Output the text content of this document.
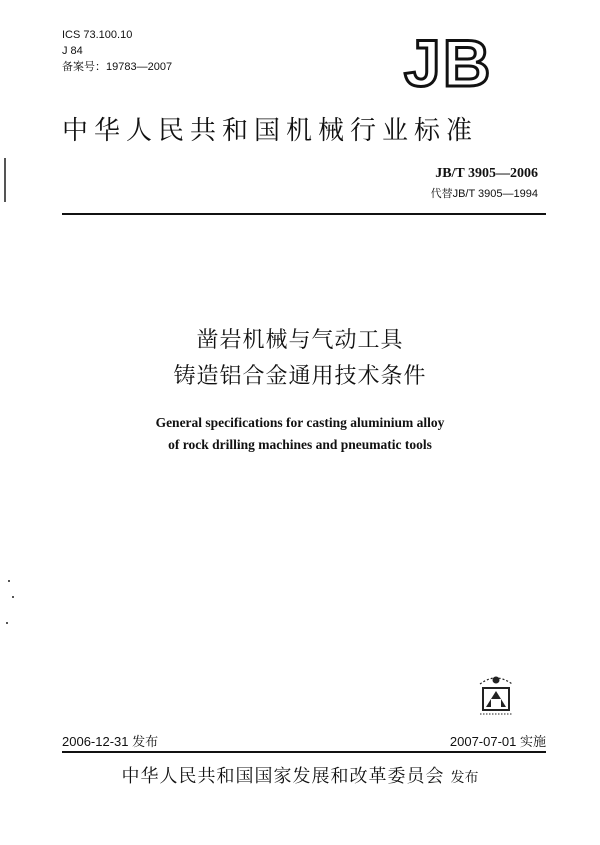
ICS 73.100.10
J 84
备案号：19783—2007	JB
中华人民共和国机械行业标准
JB/T 3905—2006
代替JB/T 3905—1994
凿岩机械与气动工具
铸造铝合金通用技术条件
General specifications for casting aluminium alloy
of rock drilling machines and pneumatic tools
2006-12-31 发布	2007-07-01 实施
中华人民共和国国家发展和改革委员会 发布
